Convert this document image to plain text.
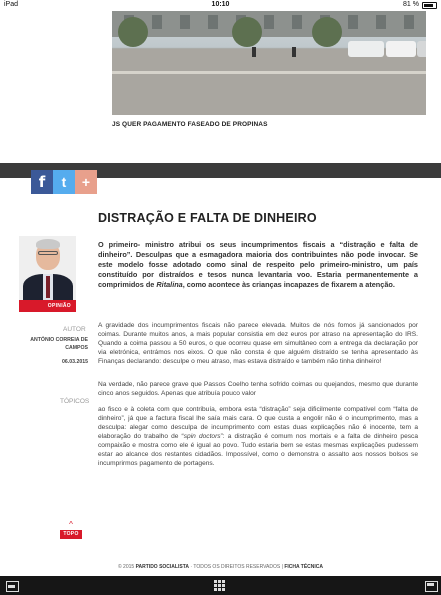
iPad	10:10	81 %
JS QUER PAGAMENTO FASEADO DE PROPINAS
f	t	+
DISTRAÇÃO E FALTA DE DINHEIRO
OPINIÃO

O primeiro- ministro atribui os seus incumprimentos fiscais a “distração e falta de dinheiro”. Desculpas que a esmagadora maioria dos contribuintes não pode invocar. Se este modelo fosse adotado como sinal de respeito pelo primeiro-ministro, um país constituído por distraídos e tesos nunca levantaria voo. Estaria permanentemente a comprimidos de Ritalina, como acontece às crianças incapazes de fixarem a atenção.

AUTOR
ANTÓNIO CORREIA DE CAMPOS
06.03.2015
TÓPICOS

A gravidade dos incumprimentos fiscais não parece elevada. Muitos de nós fomos já sancionados por coimas. Durante muitos anos, a mais popular consistia em dez euros por atraso na apresentação do IRS. Quando a coima passou a 50 euros, o que ocorreu quase em simultâneo com a entrega da declaração por via eletrónica, entrámos nos eixos. O que não consta é que alguém distraído se tenha apresentado às Finanças declarando: desculpe o meu atraso, mas estava distraído e também não tinha dinheiro!

Na verdade, não parece grave que Passos Coelho tenha sofrido coimas ou quejandos, mesmo que durante cinco anos seguidos. Apenas que atribuía pouco valor

ao fisco e à coleta com que contribuía, embora esta “distração” seja dificilmente compatível com “falta de dinheiro”, já que a factura fiscal lhe saía mais cara. O que custa a engolir não é o incumprimento, mas a desculpa: alegar como desculpa de incumprimento com estas duas explicações não é inocente, tem a elaboração do trabalho de “spin doctors”: a distração é comum nos mortais e a falta de dinheiro pesca compaixão e mostra como ele é igual ao povo. Tudo estaria bem se estas mesmas explicações pudessem estar ao alcance dos restantes cidadãos. Impossível, como o demonstra o assalto aos nossos bolsos se incumprirmos pagamento de portagens.

^
TOPO
© 2015 PARTIDO SOCIALISTA · TODOS OS DIREITOS RESERVADOS | FICHA TÉCNICA
